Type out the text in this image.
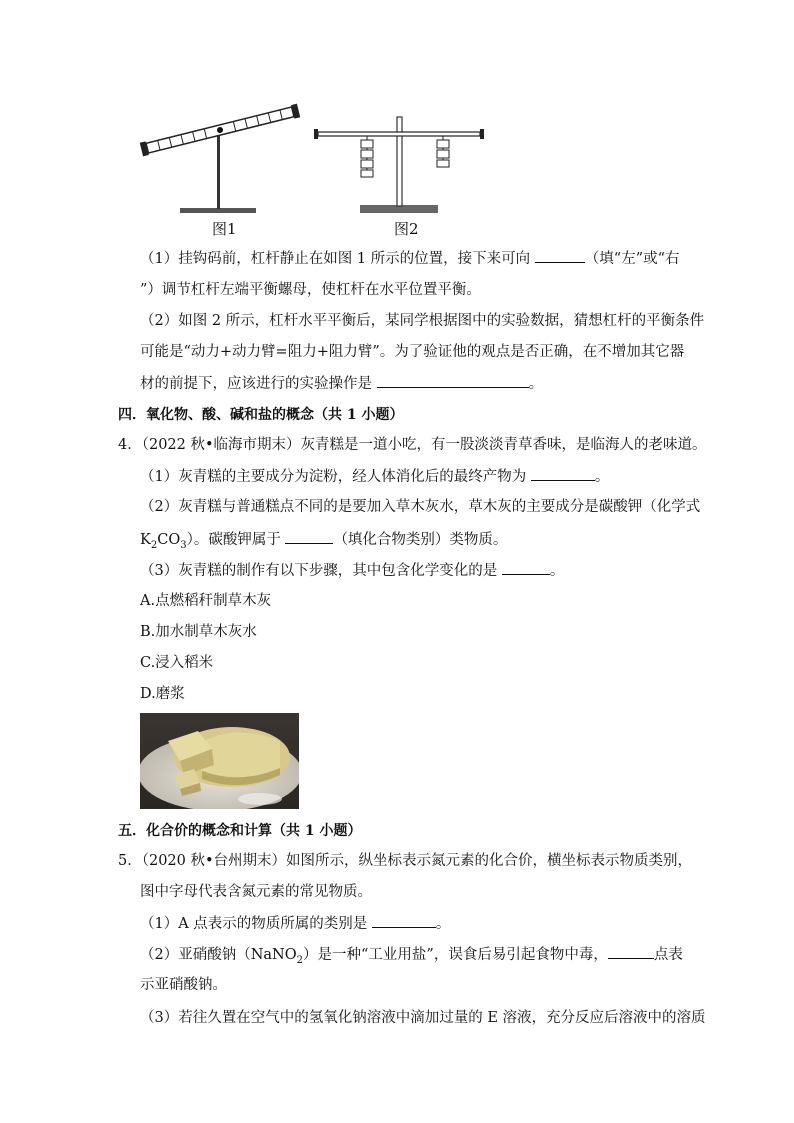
图1	图2
（1）挂钩码前，杠杆静止在如图 1 所示的位置，接下来可向	（填“左”或“右
”）调节杠杆左端平衡螺母，使杠杆在水平位置平衡。
（2）如图 2 所示，杠杆水平平衡后，某同学根据图中的实验数据，猜想杠杆的平衡条件
可能是“动力+动力臂=阻力+阻力臂”。为了验证他的观点是否正确，在不增加其它器
材的前提下，应该进行的实验操作是	。
四．氧化物、酸、碱和盐的概念（共 1 小题）
4．（2022 秋•临海市期末）灰青糕是一道小吃，有一股淡淡青草香味，是临海人的老味道。
（1）灰青糕的主要成分为淀粉，经人体消化后的最终产物为	。
（2）灰青糕与普通糕点不同的是要加入草木灰水，草木灰的主要成分是碳酸钾（化学式
$K_2CO_3$）。碳酸钾属于	（填化合物类别）类物质。
（3）灰青糕的制作有以下步骤，其中包含化学变化的是	。
A.点燃稻秆制草木灰
B.加水制草木灰水
C.浸入稻米
D.磨浆
五．化合价的概念和计算（共 1 小题）
5．（2020 秋•台州期末）如图所示，纵坐标表示氮元素的化合价，横坐标表示物质类别，
图中字母代表含氮元素的常见物质。
（1）A 点表示的物质所属的类别是	。
（2）亚硝酸钠（NaNO$_2$）是一种“工业用盐”，误食后易引起食物中毒，	点表
示亚硝酸钠。
（3）若往久置在空气中的氢氧化钠溶液中滴加过量的 E 溶液，充分反应后溶液中的溶质
